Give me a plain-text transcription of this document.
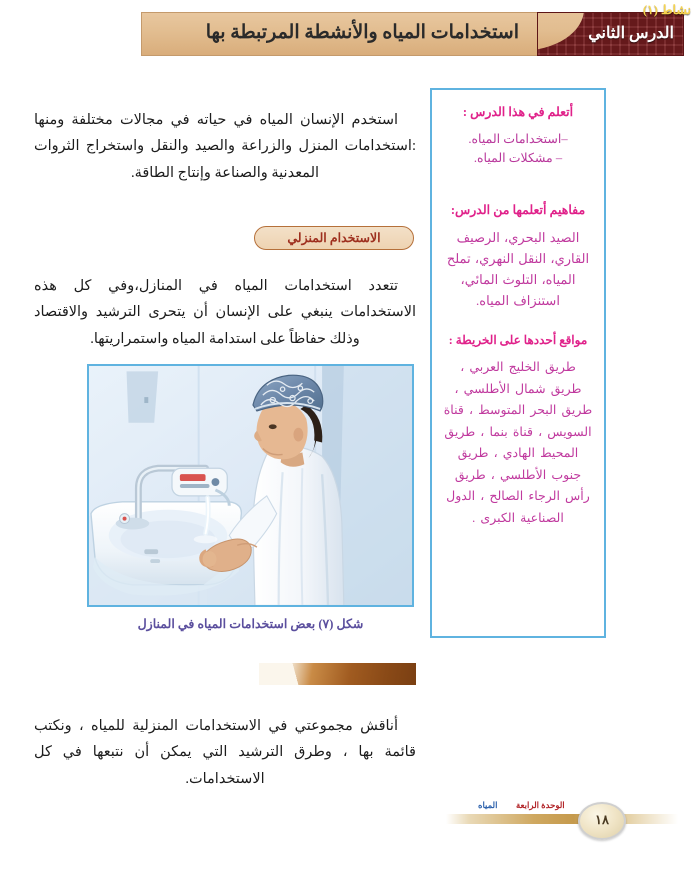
الدرس الثاني
استخدامات المياه والأنشطة المرتبطة بها

أتعلم في هذا الدرس :

–استخدامات المياه.
– مشكلات المياه.

مفاهيم أتعلمها من الدرس:

الصيد البحري، الرصيف القاري، النقل النهري، تملح المياه، التلوث المائي، استنزاف المياه.

مواقع أحددها على الخريطة :

طريق الخليج العربي ، طريق شمال الأطلسي ، طريق البحر المتوسط ، قناة السويس ، قناة بنما ، طريق المحيط الهادي ، طريق جنوب الأطلسي ، طريق رأس الرجاء الصالح ، الدول الصناعية الكبرى .

استخدم الإنسان المياه في حياته في مجالات مختلفة ومنها :استخدامات المنزل والزراعة والصيد والنقل واستخراج الثروات المعدنية والصناعة وإنتاج الطاقة.

الاستخدام المنزلي

تتعدد استخدامات المياه في المنازل،وفي كل هذه الاستخدامات ينبغي على الإنسان أن يتحرى الترشيد والاقتصاد وذلك حفاظاً على استدامة المياه واستمراريتها.

شكل (٧) بعض استخدامات المياه في المنازل
نشاط (١)

أناقش مجموعتي في الاستخدامات المنزلية للمياه ، ونكتب قائمة بها ، وطرق الترشيد التي يمكن أن نتبعها في كل الاستخدامات.

الوحدة الرابعة
المياه
١٨
